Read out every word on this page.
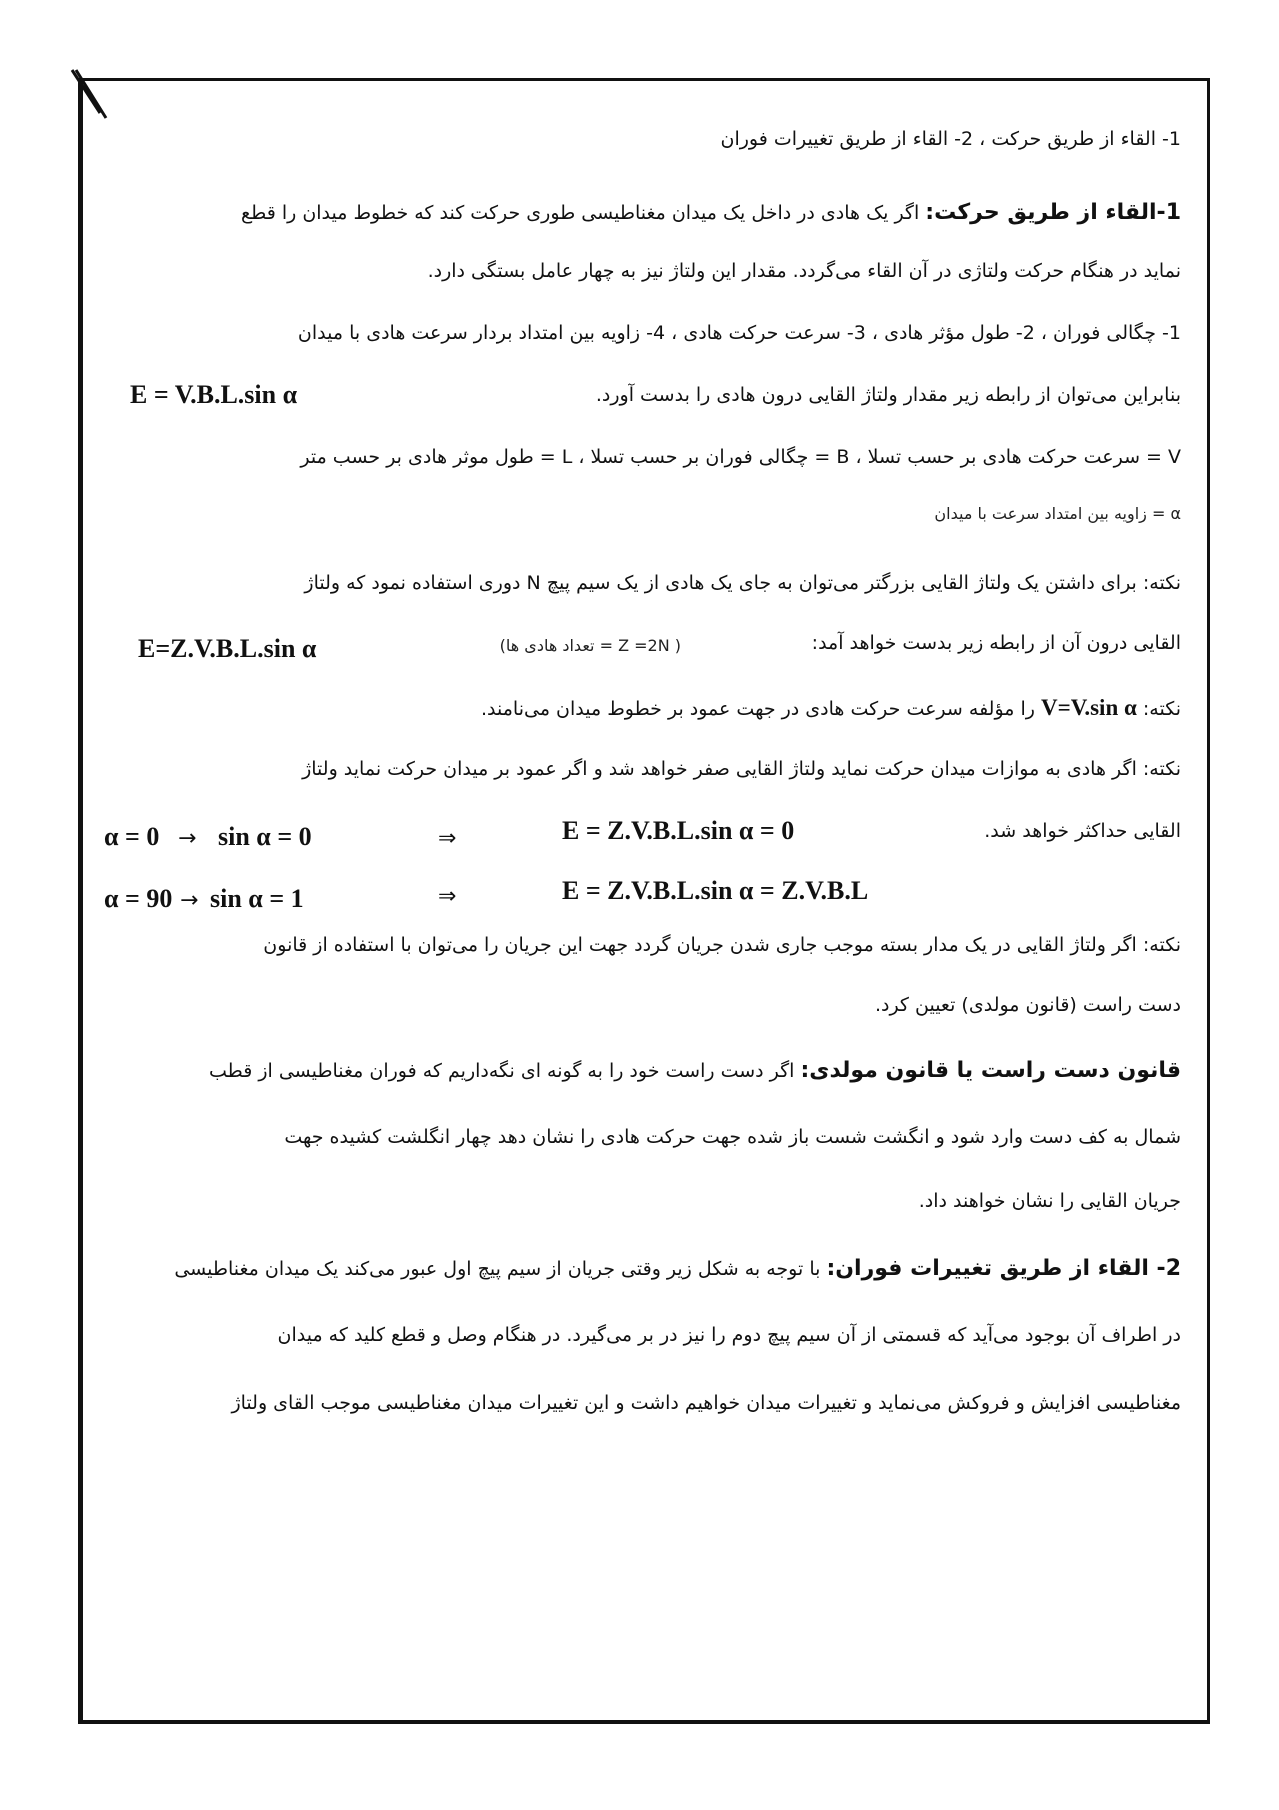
1- القاء از طریق حرکت ، 2- القاء از طریق تغییرات فوران
1-القاء از طریق حرکت: اگر یک هادی در داخل یک میدان مغناطیسی طوری حرکت کند که خطوط میدان را قطع
نماید در هنگام حرکت ولتاژی در آن القاء می‌گردد. مقدار این ولتاژ نیز به چهار عامل بستگی دارد.
1- چگالی فوران ، 2- طول مؤثر هادی ، 3- سرعت حرکت هادی ، 4- زاویه بین امتداد بردار سرعت هادی با میدان
بنابراین می‌توان از رابطه زیر مقدار ولتاژ القایی درون هادی را بدست آورد.
E = V.B.L.sin α
V = سرعت حرکت هادی بر حسب تسلا ، B = چگالی فوران بر حسب تسلا ، L = طول موثر هادی بر حسب متر
α = زاویه بین امتداد سرعت با میدان
نکته: برای داشتن یک ولتاژ القایی بزرگتر می‌توان به جای یک هادی از یک سیم پیچ N دوری استفاده نمود که ولتاژ
القایی درون آن از رابطه زیر بدست خواهد آمد:
( Z =2N = تعداد هادی ها)
E=Z.V.B.L.sin α
نکته: V=V.sin α را مؤلفه سرعت حرکت هادی در جهت عمود بر خطوط میدان می‌نامند.
نکته: اگر هادی به موازات میدان حرکت نماید ولتاژ القایی صفر خواهد شد و اگر عمود بر میدان حرکت نماید ولتاژ
القایی حداکثر خواهد شد.
α = 0 → sin α = 0	⇒	E = Z.V.B.L.sin α = 0
α = 90 → sin α = 1	⇒	E = Z.V.B.L.sin α = Z.V.B.L
نکته: اگر ولتاژ القایی در یک مدار بسته موجب جاری شدن جریان گردد جهت این جریان را می‌توان با استفاده از قانون
دست راست (قانون مولدی) تعیین کرد.
قانون دست راست یا قانون مولدی: اگر دست راست خود را به گونه ای نگه‌داریم که فوران مغناطیسی از قطب
شمال به کف دست وارد شود و انگشت شست باز شده جهت حرکت هادی را نشان دهد چهار انگلشت کشیده جهت
جریان القایی را نشان خواهند داد.
2- القاء از طریق تغییرات فوران: با توجه به شکل زیر وقتی جریان از سیم پیچ اول عبور می‌کند یک میدان مغناطیسی
در اطراف آن بوجود می‌آید که قسمتی از آن سیم پیچ دوم را نیز در بر می‌گیرد. در هنگام وصل و قطع کلید که میدان
مغناطیسی افزایش و فروکش می‌نماید و تغییرات میدان خواهیم داشت و این تغییرات میدان مغناطیسی موجب القای ولتاژ
